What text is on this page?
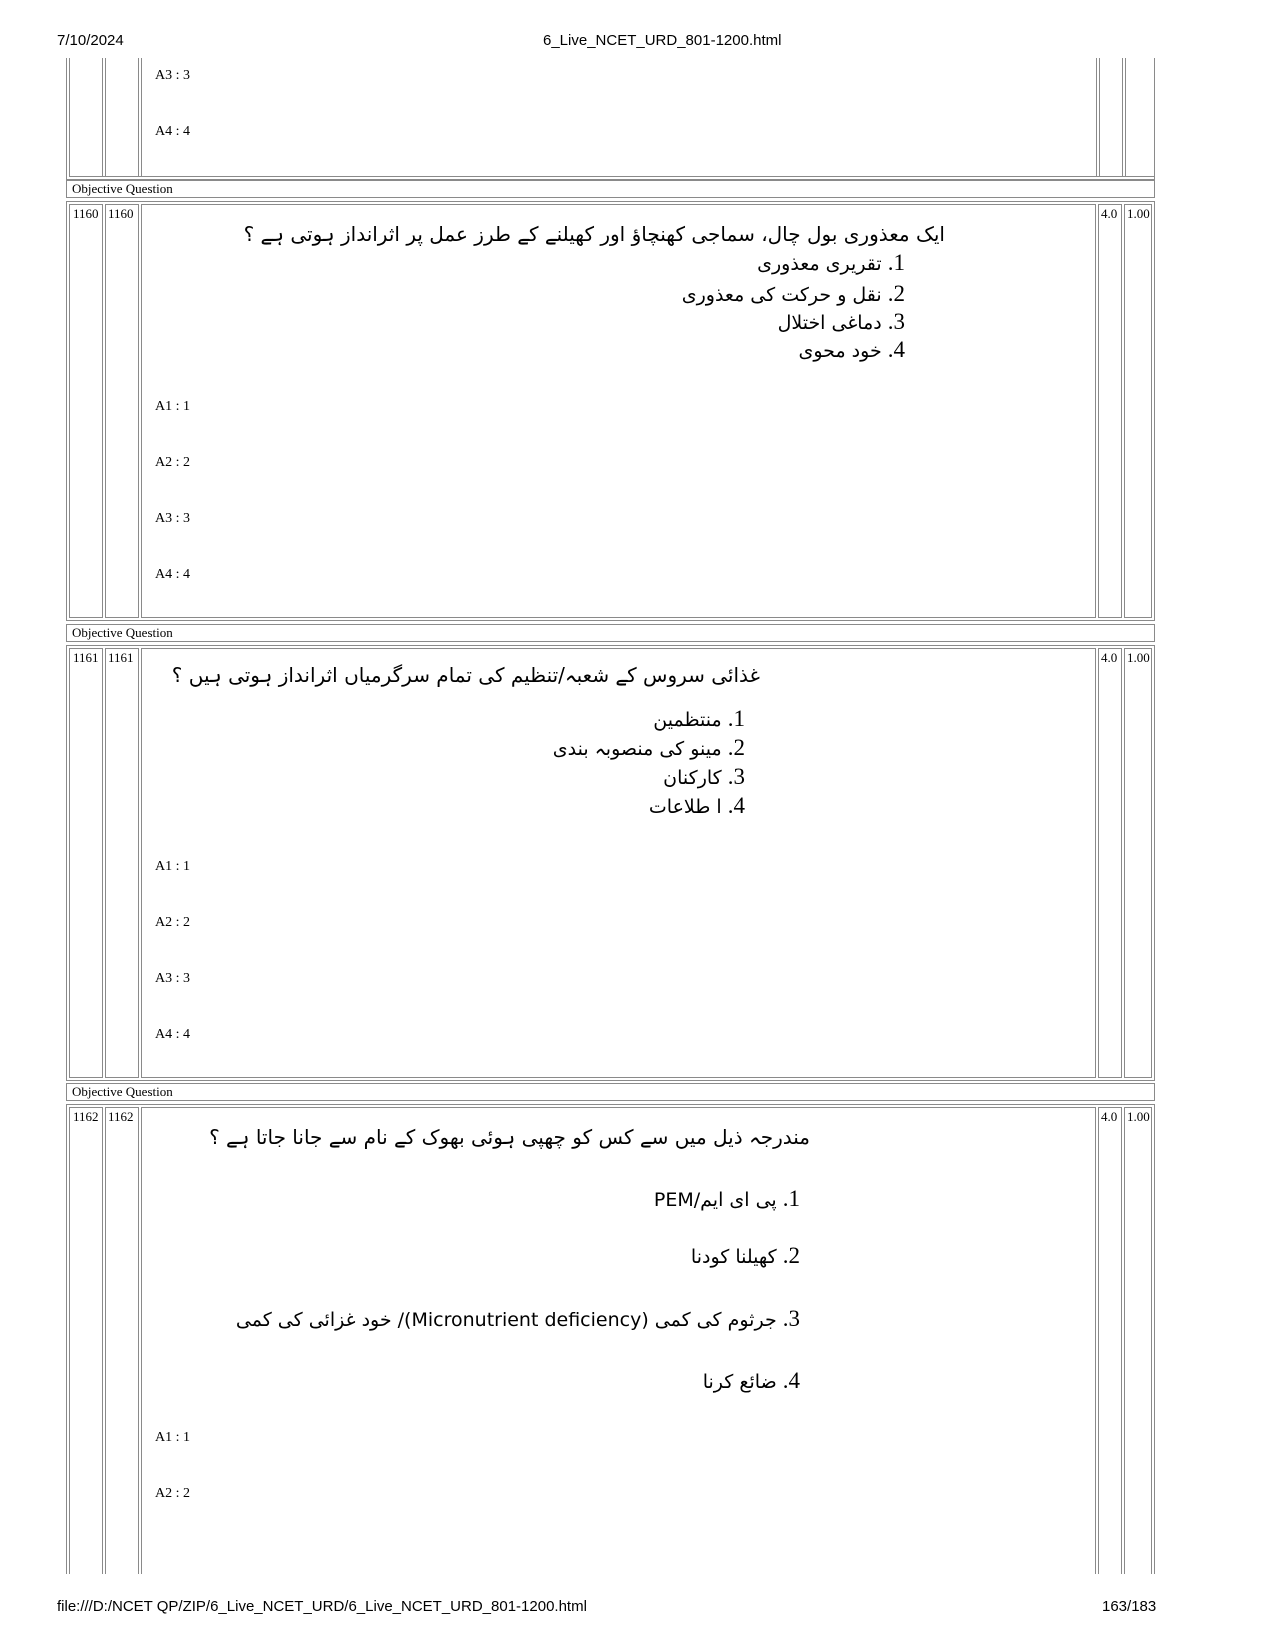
7/10/2024	6_Live_NCET_URD_801-1200.html
file:///D:/NCET QP/ZIP/6_Live_NCET_URD/6_Live_NCET_URD_801-1200.html	163/183
A3 : 3
A4 : 4
Objective Question
1160 1160	4.0 1.00
ایک معذوری بول چال، سماجی کھنچاؤ اور کھیلنے کے طرز عمل پر اثرانداز ہوتی ہے ؟
1. تقریری معذوری
2. نقل و حرکت کی معذوری
3. دماغی اختلال
4. خود محوی
A1 : 1
A2 : 2
A3 : 3
A4 : 4
Objective Question
1161 1161	4.0 1.00
غذائی سروس کے شعبہ/تنظیم کی تمام سرگرمیاں اثرانداز ہوتی ہیں ؟
1. منتظمین
2. مینو کی منصوبہ بندی
3. کارکنان
4. ا طلاعات
A1 : 1
A2 : 2
A3 : 3
A4 : 4
Objective Question
1162 1162	4.0 1.00
مندرجہ ذیل میں سے کس کو چھپی ہوئی بھوک کے نام سے جانا جاتا ہے ؟
1. پی ای ایم/PEM
2. کھیلنا کودنا
3. جرثوم کی کمی (Micronutrient deficiency)/ خود غزائی کی کمی
4. ضائع کرنا
A1 : 1
A2 : 2
